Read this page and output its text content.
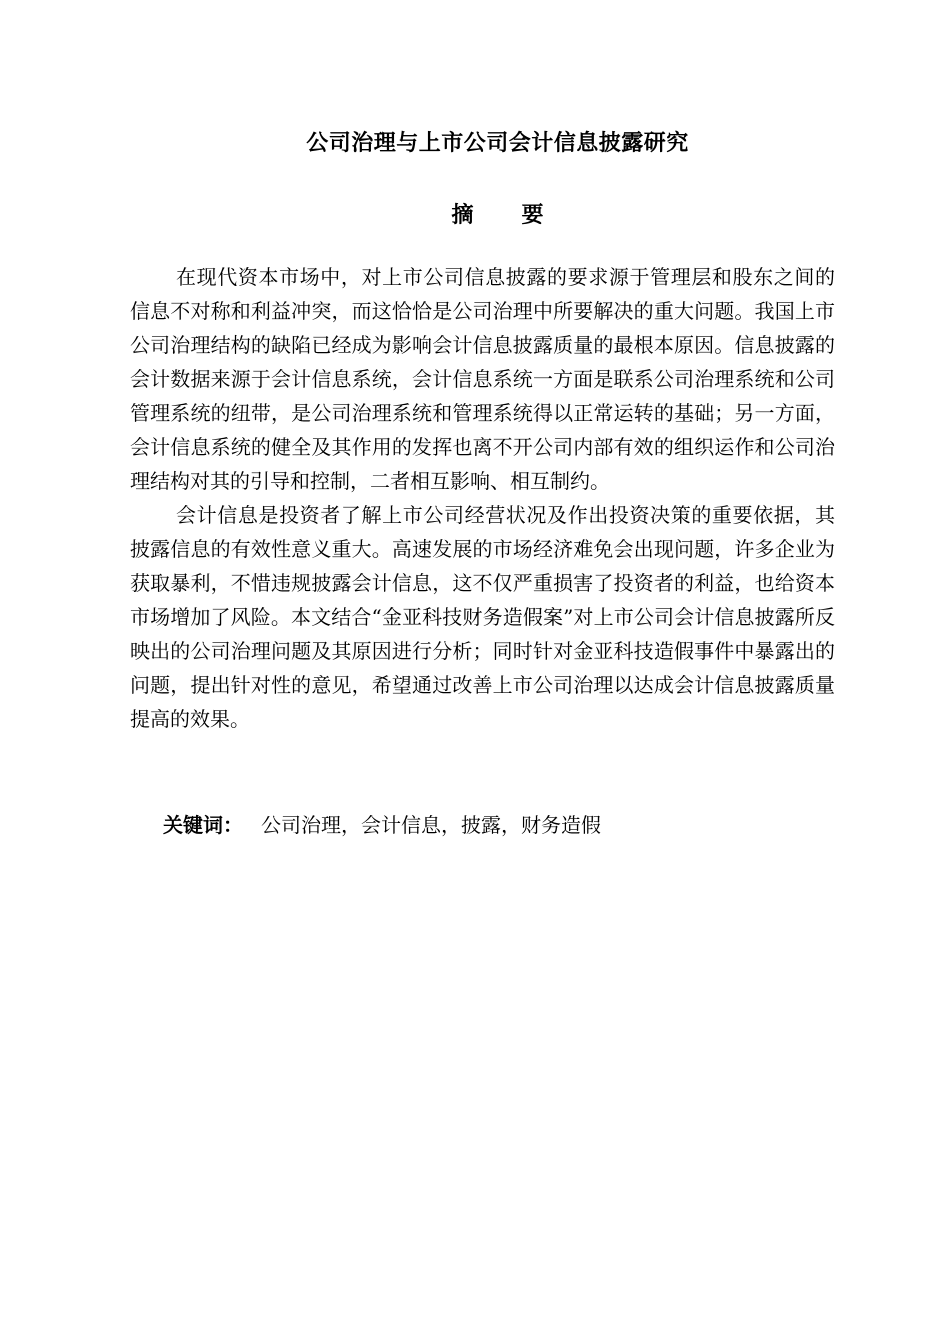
公司治理与上市公司会计信息披露研究
摘要

在现代资本市场中，对上市公司信息披露的要求源于管理层和股东之间的信息不对称和利益冲突，而这恰恰是公司治理中所要解决的重大问题。我国上市公司治理结构的缺陷已经成为影响会计信息披露质量的最根本原因。信息披露的会计数据来源于会计信息系统，会计信息系统一方面是联系公司治理系统和公司管理系统的纽带，是公司治理系统和管理系统得以正常运转的基础；另一方面，会计信息系统的健全及其作用的发挥也离不开公司内部有效的组织运作和公司治理结构对其的引导和控制，二者相互影响、相互制约。

会计信息是投资者了解上市公司经营状况及作出投资决策的重要依据，其披露信息的有效性意义重大。高速发展的市场经济难免会出现问题，许多企业为获取暴利，不惜违规披露会计信息，这不仅严重损害了投资者的利益，也给资本市场增加了风险。本文结合“金亚科技财务造假案”对上市公司会计信息披露所反映出的公司治理问题及其原因进行分析；同时针对金亚科技造假事件中暴露出的问题，提出针对性的意见，希望通过改善上市公司治理以达成会计信息披露质量提高的效果。

关键词： 公司治理，会计信息，披露，财务造假
